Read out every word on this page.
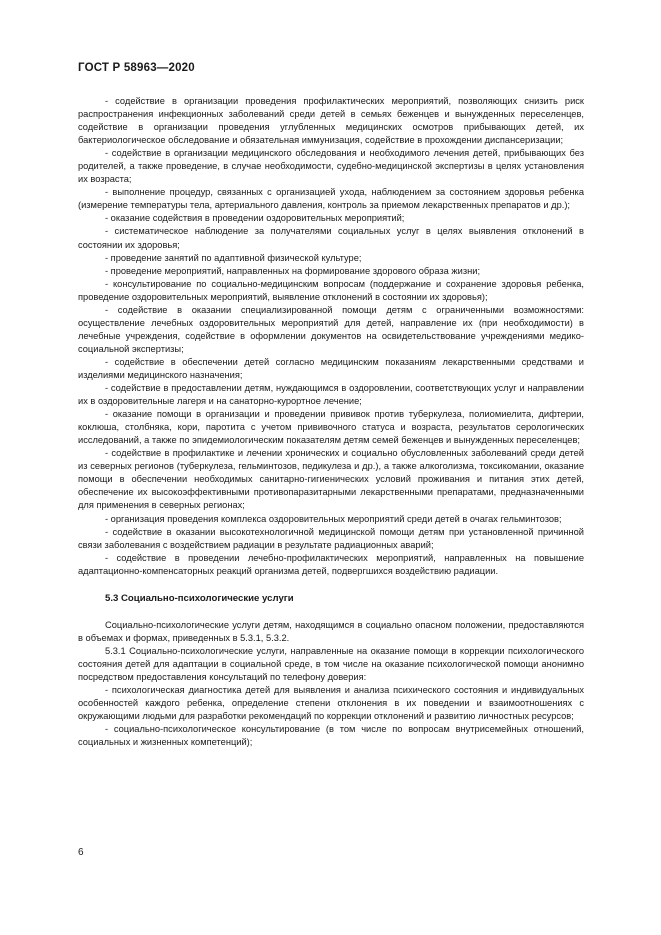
ГОСТ Р 58963—2020

- содействие в организации проведения профилактических мероприятий, позволяющих снизить риск распространения инфекционных заболеваний среди детей в семьях беженцев и вынужденных переселенцев, содействие в организации проведения углубленных медицинских осмотров прибывающих детей, их бактериологическое обследование и обязательная иммунизация, содействие в прохождении диспансеризации;

- содействие в организации медицинского обследования и необходимого лечения детей, прибывающих без родителей, а также проведение, в случае необходимости, судебно-медицинской экспертизы в целях установления их возраста;

- выполнение процедур, связанных с организацией ухода, наблюдением за состоянием здоровья ребенка (измерение температуры тела, артериального давления, контроль за приемом лекарственных препаратов и др.);

- оказание содействия в проведении оздоровительных мероприятий;

- систематическое наблюдение за получателями социальных услуг в целях выявления отклонений в состоянии их здоровья;

- проведение занятий по адаптивной физической культуре;

- проведение мероприятий, направленных на формирование здорового образа жизни;

- консультирование по социально-медицинским вопросам (поддержание и сохранение здоровья ребенка, проведение оздоровительных мероприятий, выявление отклонений в состоянии их здоровья);

- содействие в оказании специализированной помощи детям с ограниченными возможностями: осуществление лечебных оздоровительных мероприятий для детей, направление их (при необходимости) в лечебные учреждения, содействие в оформлении документов на освидетельствование учреждениями медико-социальной экспертизы;

- содействие в обеспечении детей согласно медицинским показаниям лекарственными средствами и изделиями медицинского назначения;

- содействие в предоставлении детям, нуждающимся в оздоровлении, соответствующих услуг и направлении их в оздоровительные лагеря и на санаторно-курортное лечение;

- оказание помощи в организации и проведении прививок против туберкулеза, полиомиелита, дифтерии, коклюша, столбняка, кори, паротита с учетом прививочного статуса и возраста, результатов серологических исследований, а также по эпидемиологическим показателям детям семей беженцев и вынужденных переселенцев;

- содействие в профилактике и лечении хронических и социально обусловленных заболеваний среди детей из северных регионов (туберкулеза, гельминтозов, педикулеза и др.), а также алкоголизма, токсикомании, оказание помощи в обеспечении необходимых санитарно-гигиенических условий проживания и питания этих детей, обеспечение их высокоэффективными противопаразитарными лекарственными препаратами, предназначенными для применения в северных регионах;

- организация проведения комплекса оздоровительных мероприятий среди детей в очагах гельминтозов;

- содействие в оказании высокотехнологичной медицинской помощи детям при установленной причинной связи заболевания с воздействием радиации в результате радиационных аварий;

- содействие в проведении лечебно-профилактических мероприятий, направленных на повышение адаптационно-компенсаторных реакций организма детей, подвергшихся воздействию радиации.

5.3 Социально-психологические услуги

Социально-психологические услуги детям, находящимся в социально опасном положении, предоставляются в объемах и формах, приведенных в 5.3.1, 5.3.2.

5.3.1 Социально-психологические услуги, направленные на оказание помощи в коррекции психологического состояния детей для адаптации в социальной среде, в том числе на оказание психологической помощи анонимно посредством предоставления консультаций по телефону доверия:

- психологическая диагностика детей для выявления и анализа психического состояния и индивидуальных особенностей каждого ребенка, определение степени отклонения в их поведении и взаимоотношениях с окружающими людьми для разработки рекомендаций по коррекции отклонений и развитию личностных ресурсов;

- социально-психологическое консультирование (в том числе по вопросам внутрисемейных отношений, социальных и жизненных компетенций);

6
